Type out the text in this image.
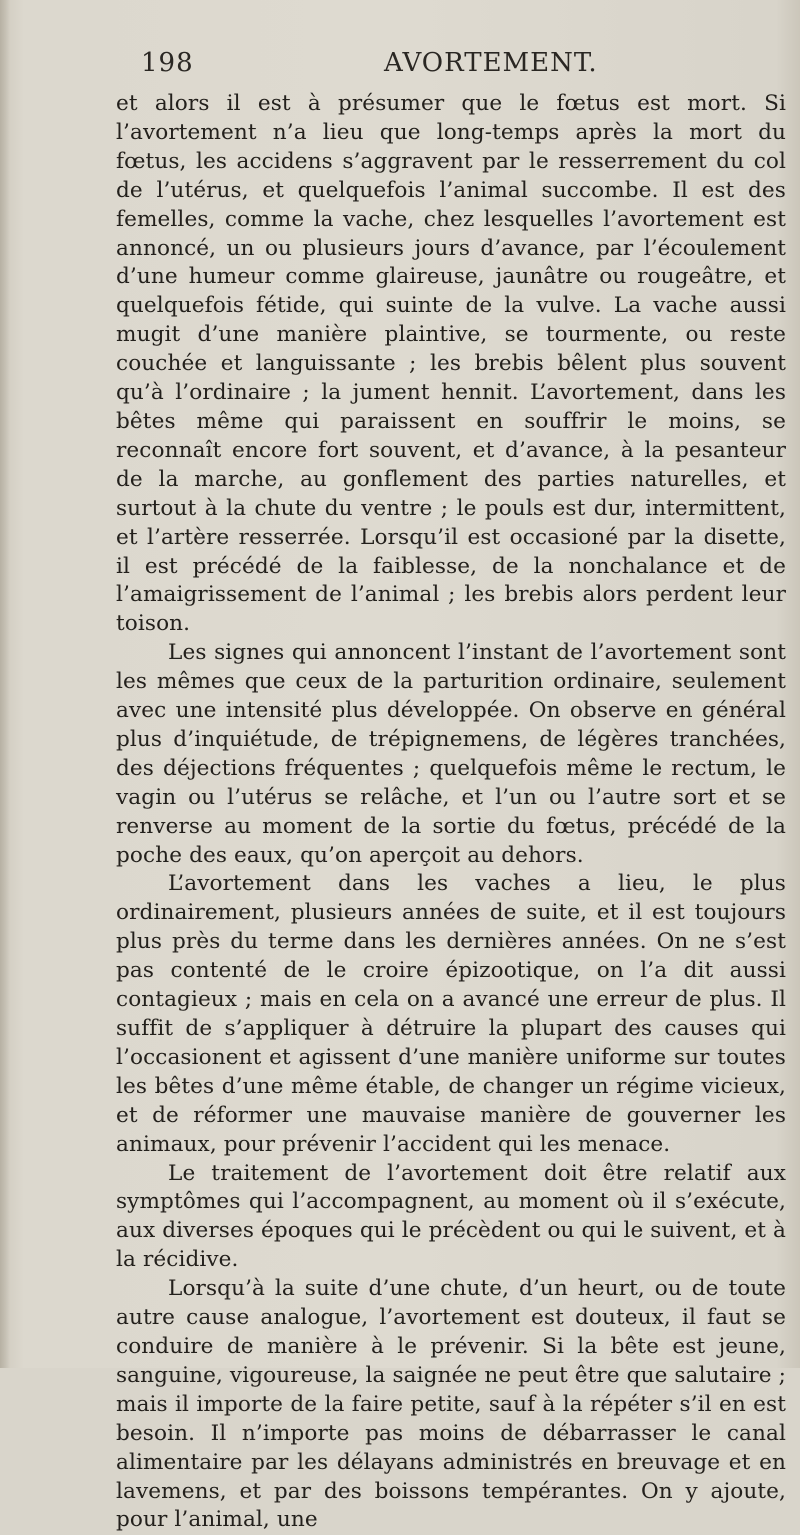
198	AVORTEMENT.

et alors il est à présumer que le fœtus est mort. Si l’avortement n’a lieu que long-temps après la mort du fœtus, les accidens s’aggravent par le resserrement du col de l’utérus, et quelquefois l’animal succombe. Il est des femelles, comme la vache, chez lesquelles l’avortement est annoncé, un ou plusieurs jours d’avance, par l’écoulement d’une humeur comme glaireuse, jaunâtre ou rougeâtre, et quelquefois fétide, qui suinte de la vulve. La vache aussi mugit d’une manière plaintive, se tourmente, ou reste couchée et languissante ; les brebis bêlent plus souvent qu’à l’ordinaire ; la jument hennit. L’avortement, dans les bêtes même qui paraissent en souffrir le moins, se reconnaît encore fort souvent, et d’avance, à la pesanteur de la marche, au gonflement des parties naturelles, et surtout à la chute du ventre ; le pouls est dur, intermittent, et l’artère resserrée. Lorsqu’il est occasioné par la disette, il est précédé de la faiblesse, de la nonchalance et de l’amaigrissement de l’animal ; les brebis alors perdent leur toison.

Les signes qui annoncent l’instant de l’avortement sont les mêmes que ceux de la parturition ordinaire, seulement avec une intensité plus développée. On observe en général plus d’inquiétude, de trépignemens, de légères tranchées, des déjections fréquentes ; quelquefois même le rectum, le vagin ou l’utérus se relâche, et l’un ou l’autre sort et se renverse au moment de la sortie du fœtus, précédé de la poche des eaux, qu’on aperçoit au dehors.

L’avortement dans les vaches a lieu, le plus ordinairement, plusieurs années de suite, et il est toujours plus près du terme dans les dernières années. On ne s’est pas contenté de le croire épizootique, on l’a dit aussi contagieux ; mais en cela on a avancé une erreur de plus. Il suffit de s’appliquer à détruire la plupart des causes qui l’occasionent et agissent d’une manière uniforme sur toutes les bêtes d’une même étable, de changer un régime vicieux, et de réformer une mauvaise manière de gouverner les animaux, pour prévenir l’accident qui les menace.

Le traitement de l’avortement doit être relatif aux symptômes qui l’accompagnent, au moment où il s’exécute, aux diverses époques qui le précèdent ou qui le suivent, et à la récidive.

Lorsqu’à la suite d’une chute, d’un heurt, ou de toute autre cause analogue, l’avortement est douteux, il faut se conduire de manière à le prévenir. Si la bête est jeune, sanguine, vigoureuse, la saignée ne peut être que salutaire ; mais il importe de la faire petite, sauf à la répéter s’il en est besoin. Il n’importe pas moins de débarrasser le canal alimentaire par les délayans administrés en breuvage et en lavemens, et par des boissons tempérantes. On y ajoute, pour l’animal, une
